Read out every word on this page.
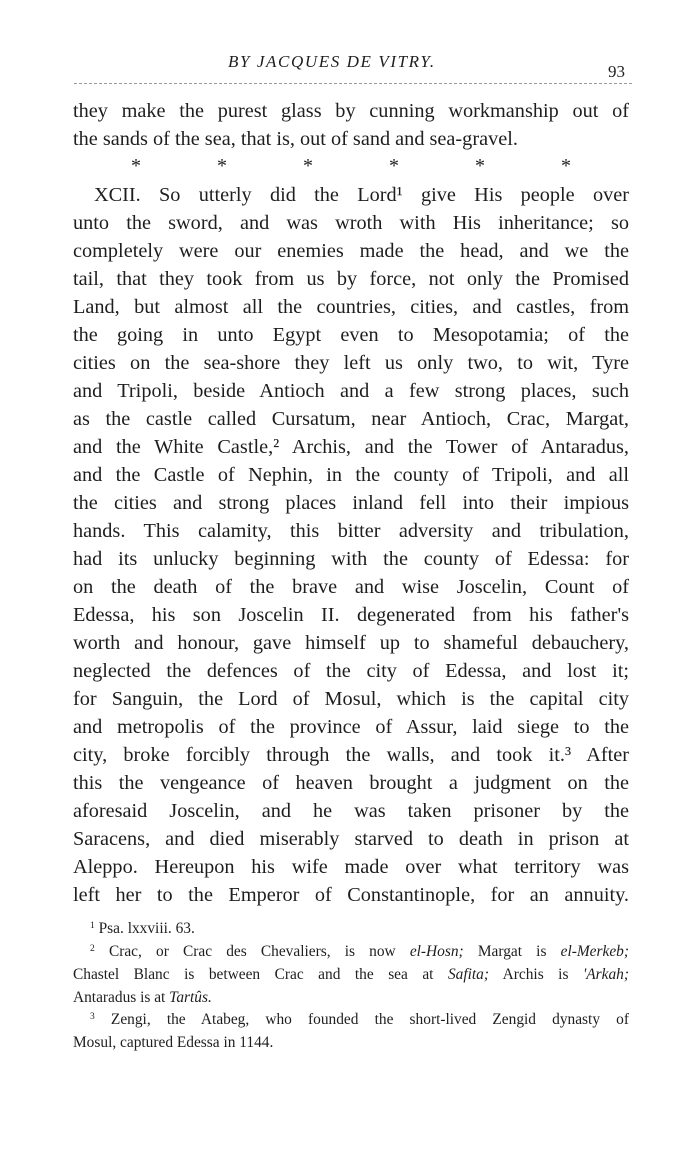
BY JACQUES DE VITRY.
93
they make the purest glass by cunning workmanship out of
the sands of the sea, that is, out of sand and sea-gravel.
*	*	*	*	*	*
XCII. So utterly did the Lord¹ give His people over
unto the sword, and was wroth with His inheritance; so
completely were our enemies made the head, and we the
tail, that they took from us by force, not only the Promised
Land, but almost all the countries, cities, and castles, from
the going in unto Egypt even to Mesopotamia; of the
cities on the sea-shore they left us only two, to wit, Tyre
and Tripoli, beside Antioch and a few strong places, such
as the castle called Cursatum, near Antioch, Crac, Margat,
and the White Castle,² Archis, and the Tower of Antaradus,
and the Castle of Nephin, in the county of Tripoli, and all
the cities and strong places inland fell into their impious
hands. This calamity, this bitter adversity and tribulation,
had its unlucky beginning with the county of Edessa: for
on the death of the brave and wise Joscelin, Count of
Edessa, his son Joscelin II. degenerated from his father's
worth and honour, gave himself up to shameful debauchery,
neglected the defences of the city of Edessa, and lost it;
for Sanguin, the Lord of Mosul, which is the capital city
and metropolis of the province of Assur, laid siege to the
city, broke forcibly through the walls, and took it.³ After
this the vengeance of heaven brought a judgment on the
aforesaid Joscelin, and he was taken prisoner by the
Saracens, and died miserably starved to death in prison at
Aleppo. Hereupon his wife made over what territory was
left her to the Emperor of Constantinople, for an annuity.
$^1$ Psa. lxxviii. 63.
$^2$ Crac, or Crac des Chevaliers, is now el-Hosn; Margat is el-Merkeb;
Chastel Blanc is between Crac and the sea at Safita; Archis is 'Arkah;
Antaradus is at Tartûs.
$^3$ Zengi, the Atabeg, who founded the short-lived Zengid dynasty of
Mosul, captured Edessa in 1144.
